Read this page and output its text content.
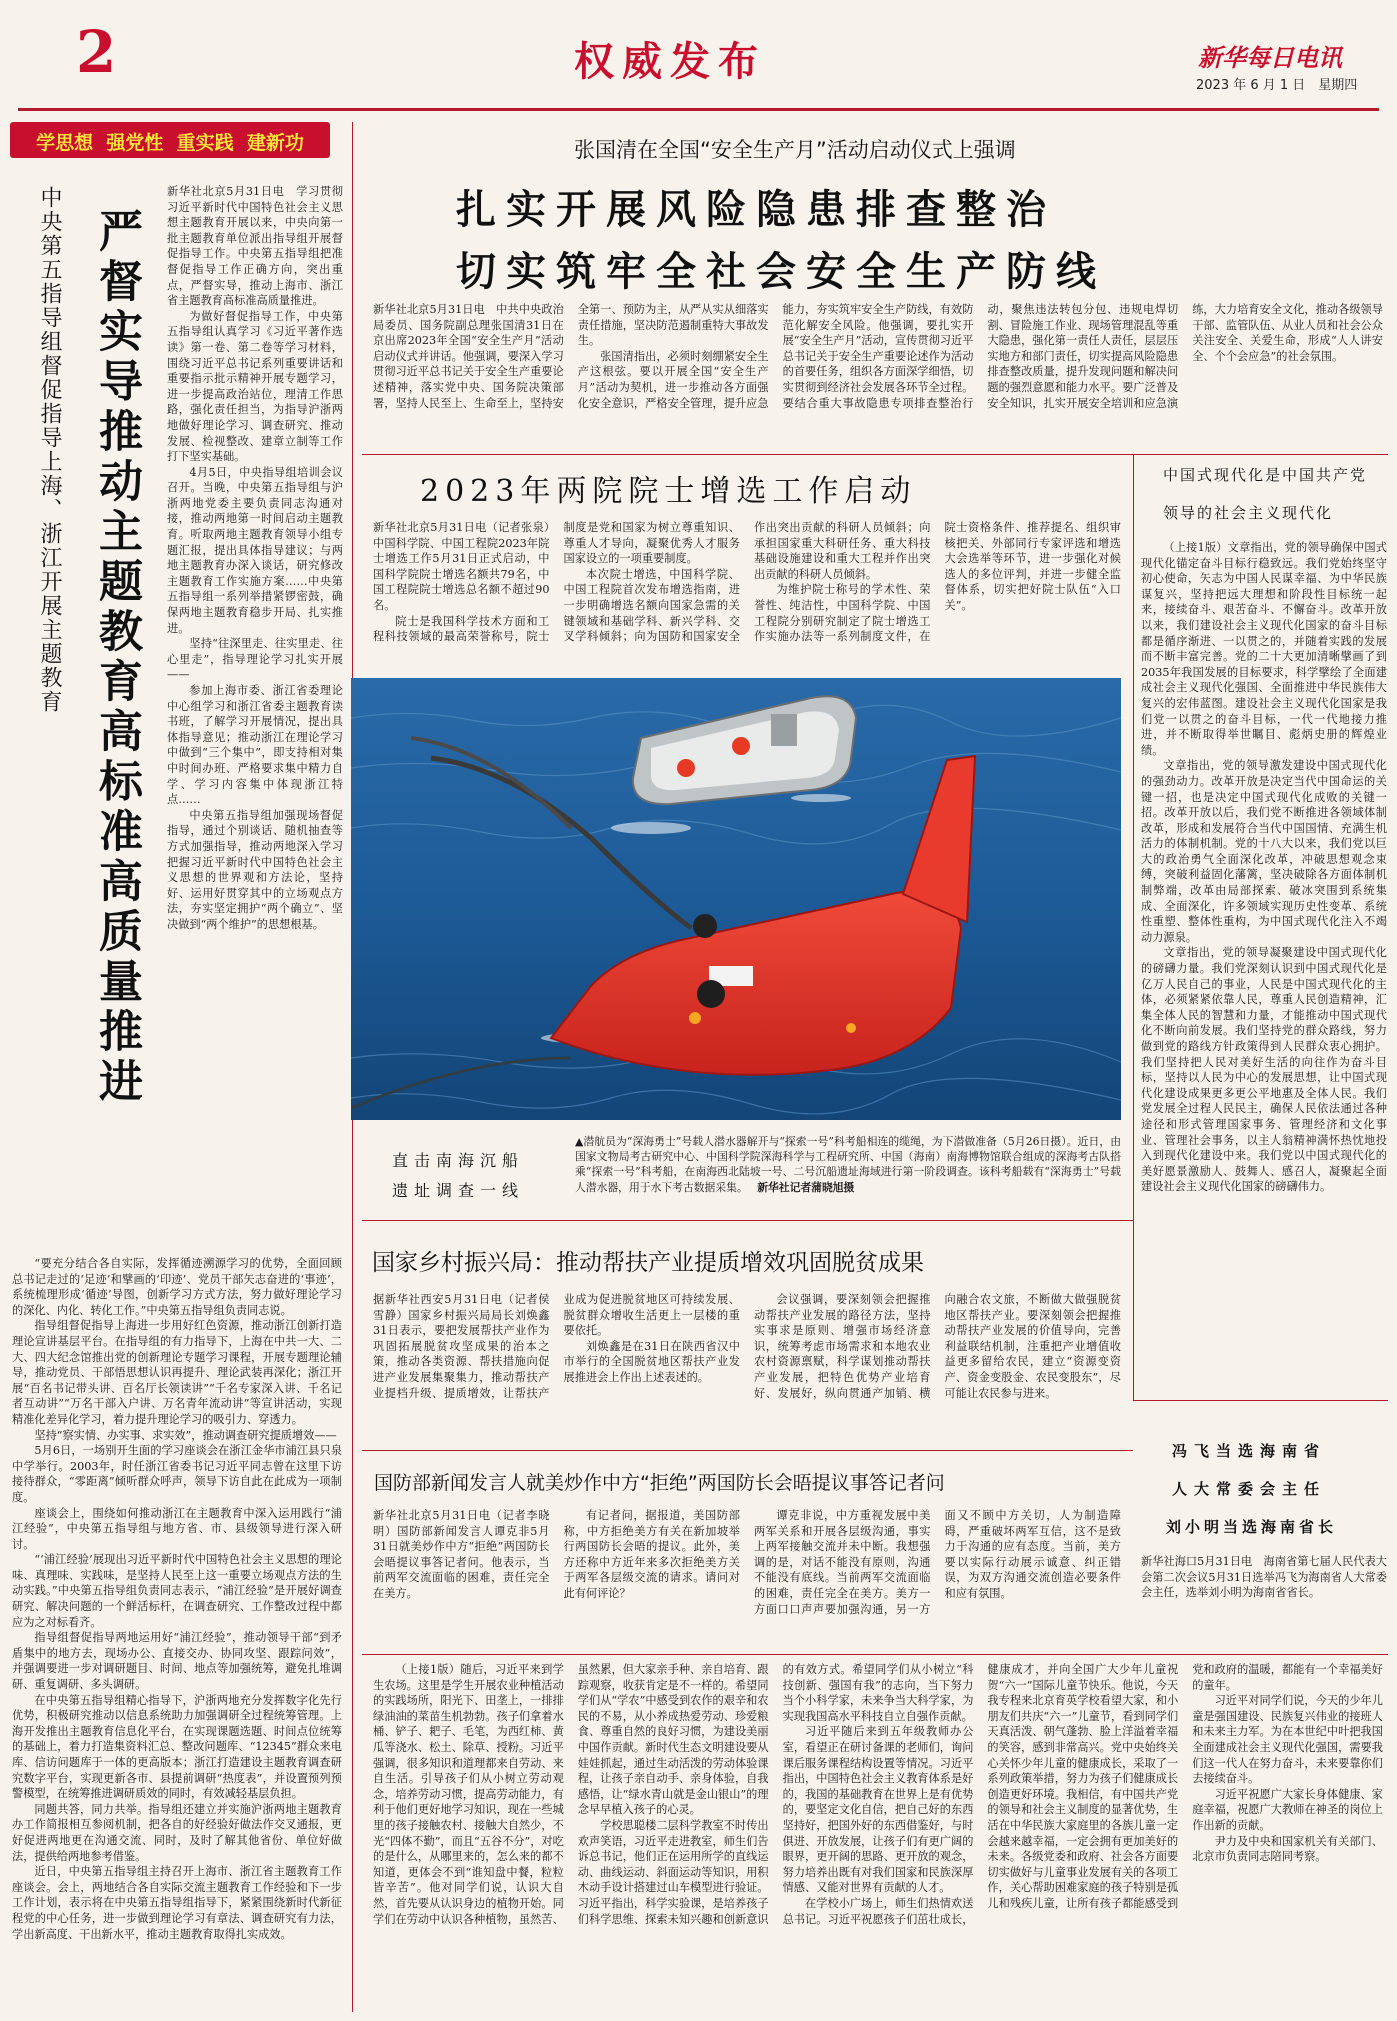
2	权威发布	新华每日电讯
2023 年 6 月 1 日　星期四
学思想  强党性  重实践  建新功
中央第五指导组督促指导上海、浙江开展主题教育 严督实导推动主题教育高标准高质量推进

新华社北京5月31日电　学习贯彻习近平新时代中国特色社会主义思想主题教育开展以来，中央向第一批主题教育单位派出指导组开展督促指导工作。中央第五指导组把准督促指导工作正确方向，突出重点，严督实导，推动上海市、浙江省主题教育高标准高质量推进。

为做好督促指导工作，中央第五指导组认真学习《习近平著作选读》第一卷、第二卷等学习材料，围绕习近平总书记系列重要讲话和重要指示批示精神开展专题学习，进一步提高政治站位，理清工作思路，强化责任担当，为指导沪浙两地做好理论学习、调查研究、推动发展、检视整改、建章立制等工作打下坚实基础。

4月5日，中央指导组培训会议召开。当晚，中央第五指导组与沪浙两地党委主要负责同志沟通对接，推动两地第一时间启动主题教育。听取两地主题教育领导小组专题汇报，提出具体指导建议；与两地主题教育办深入谈话，研究修改主题教育工作实施方案……中央第五指导组一系列举措紧锣密鼓，确保两地主题教育稳步开局、扎实推进。

坚持“往深里走、往实里走、往心里走”，指导理论学习扎实开展——

参加上海市委、浙江省委理论中心组学习和浙江省委主题教育读书班，了解学习开展情况，提出具体指导意见；推动浙江在理论学习中做到“三个集中”，即支持相对集中时间办班、严格要求集中精力自学、学习内容集中体现浙江特点……

中央第五指导组加强现场督促指导，通过个别谈话、随机抽查等方式加强指导，推动两地深入学习把握习近平新时代中国特色社会主义思想的世界观和方法论，坚持好、运用好贯穿其中的立场观点方法，夯实坚定拥护“两个确立”、坚决做到“两个维护”的思想根基。

“要充分结合各自实际，发挥循迹溯源学习的优势，全面回顾总书记走过的‘足迹’和擘画的‘印迹’、党员干部矢志奋进的‘事迹’，系统梳理形成‘循迹’导图，创新学习方式方法，努力做好理论学习的深化、内化、转化工作。”中央第五指导组负责同志说。

指导组督促指导上海进一步用好红色资源，推动浙江创新打造理论宣讲基层平台。在指导组的有力指导下，上海在中共一大、二大、四大纪念馆推出党的创新理论专题学习课程，开展专题理论辅导，推动党员、干部悟思想认识再提升、理论武装再深化；浙江开展“百名书记带头讲、百名厅长领读讲”“千名专家深入讲、千名记者互动讲”“万名干部入户讲、万名青年流动讲”等宣讲活动，实现精准化差异化学习，着力提升理论学习的吸引力、穿透力。

坚持“察实情、办实事、求实效”，推动调查研究提质增效——

5月6日，一场别开生面的学习座谈会在浙江金华市浦江县只泉中学举行。2003年，时任浙江省委书记习近平同志曾在这里下访接待群众，“零距离”倾听群众呼声，领导下访自此在此成为一项制度。

座谈会上，围绕如何推动浙江在主题教育中深入运用践行“浦江经验”，中央第五指导组与地方省、市、县级领导进行深入研讨。

“‘浦江经验’展现出习近平新时代中国特色社会主义思想的理论味、真理味、实践味，是坚持人民至上这一重要立场观点方法的生动实践。”中央第五指导组负责同志表示，“浦江经验”是开展好调查研究、解决问题的一个鲜活标杆，在调查研究、工作整改过程中都应为之对标看齐。

指导组督促指导两地运用好“浦江经验”，推动领导干部“到矛盾集中的地方去，现场办公、直接交办、协同攻坚、跟踪问效”，并强调要进一步对调研题目、时间、地点等加强统筹，避免扎堆调研、重复调研、多头调研。

在中央第五指导组精心指导下，沪浙两地充分发挥数字化先行优势，积极研究推动以信息系统助力加强调研全过程统筹管理。上海开发推出主题教育信息化平台，在实现课题选题、时间点位统筹的基础上，着力打造集资料汇总、整改问题库、“12345”群众来电库、信访问题库于一体的更高版本；浙江打造建设主题教育调查研究数字平台，实现更新各市、县提前调研“热度表”，并设置预列预警模型，在统筹推进调研质效的同时，有效减轻基层负担。

同题共答，同力共举。指导组还建立并实施沪浙两地主题教育办工作简报相互参阅机制，把各自的好经验好做法作交叉通报，更好促进两地更在沟通交流、同时，及时了解其他省份、单位好做法，提供给两地参考借鉴。

近日，中央第五指导组主持召开上海市、浙江省主题教育工作座谈会。会上，两地结合各自实际交流主题教育工作经验和下一步工作计划，表示将在中央第五指导组指导下，紧紧围绕新时代新征程党的中心任务，进一步做到理论学习有章法、调查研究有力法，学出新高度、干出新水平，推动主题教育取得扎实成效。

张国清在全国“安全生产月”活动启动仪式上强调
扎实开展风险隐患排查整治
切实筑牢全社会安全生产防线

新华社北京5月31日电　中共中央政治局委员、国务院副总理张国清31日在京出席2023年全国“安全生产月”活动启动仪式并讲话。他强调，要深入学习贯彻习近平总书记关于安全生产重要论述精神，落实党中央、国务院决策部署，坚持人民至上、生命至上，坚持安全第一、预防为主，从严从实从细落实责任措施，坚决防范遏制重特大事故发生。

张国清指出，必须时刻绷紧安全生产这根弦。要以开展全国“安全生产月”活动为契机，进一步推动各方面强化安全意识，严格安全管理，提升应急能力，夯实筑牢安全生产防线，有效防范化解安全风险。他强调，要扎实开展“安全生产月”活动，宣传贯彻习近平总书记关于安全生产重要论述作为活动的首要任务，组织各方面深学细悟，切实贯彻到经济社会发展各环节全过程。要结合重大事故隐患专项排查整治行动，聚焦违法转包分包、违规电焊切割、冒险施工作业、现场管理混乱等重大隐患，强化第一责任人责任，层层压实地方和部门责任，切实提高风险隐患排查整改质量，提升发现问题和解决问题的强烈意愿和能力水平。要广泛普及安全知识，扎实开展安全培训和应急演练，大力培育安全文化，推动各级领导干部、监管队伍、从业人员和社会公众关注安全、关爱生命，形成“人人讲安全、个个会应急”的社会氛围。

2023年两院院士增选工作启动

新华社北京5月31日电（记者张泉）中国科学院、中国工程院2023年院士增选工作5月31日正式启动，中国科学院院士增选名额共79名，中国工程院院士增选总名额不超过90名。

院士是我国科学技术方面和工程科技领域的最高荣誉称号，院士制度是党和国家为树立尊重知识、尊重人才导向，凝聚优秀人才服务国家设立的一项重要制度。

本次院士增选，中国科学院、中国工程院首次发布增选指南，进一步明确增选名额向国家急需的关键领域和基础学科、新兴学科、交叉学科倾斜；向为国防和国家安全作出突出贡献的科研人员倾斜；向承担国家重大科研任务、重大科技基础设施建设和重大工程并作出突出贡献的科研人员倾斜。

为维护院士称号的学术性、荣誉性、纯洁性，中国科学院、中国工程院分别研究制定了院士增选工作实施办法等一系列制度文件，在院士资格条件、推荐提名、组织审核把关、外部同行专家评选和增选大会选举等环节，进一步强化对候选人的多位评判，并进一步健全监督体系，切实把好院士队伍“入口关”。

直击南海沉船遗址调查一线
▲潜航员为“深海勇士”号载人潜水器解开与“探索一号”科考船相连的缆绳，为下潜做准备（5月26日摄）。近日，由国家文物局考古研究中心、中国科学院深海科学与工程研究所、中国（海南）南海博物馆联合组成的深海考古队搭乘“探索一号”科考船，在南海西北陆坡一号、二号沉船遗址海域进行第一阶段调查。该科考船载有“深海勇士”号载人潜水器，用于水下考古数据采集。 新华社记者蒲晓旭摄
中国式现代化是中国共产党
领导的社会主义现代化

（上接1版）文章指出，党的领导确保中国式现代化锚定奋斗目标行稳致远。我们党始终坚守初心使命，矢志为中国人民谋幸福、为中华民族谋复兴，坚持把远大理想和阶段性目标统一起来，接续奋斗、艰苦奋斗、不懈奋斗。改革开放以来，我们建设社会主义现代化国家的奋斗目标都是循序渐进、一以贯之的，并随着实践的发展而不断丰富完善。党的二十大更加清晰擘画了到2035年我国发展的目标要求，科学擘绘了全面建成社会主义现代化强国、全面推进中华民族伟大复兴的宏伟蓝图。建设社会主义现代化国家是我们党一以贯之的奋斗目标，一代一代地接力推进，并不断取得举世瞩目、彪炳史册的辉煌业绩。

文章指出，党的领导激发建设中国式现代化的强劲动力。改革开放是决定当代中国命运的关键一招，也是决定中国式现代化成败的关键一招。改革开放以后，我们党不断推进各领域体制改革，形成和发展符合当代中国国情、充满生机活力的体制机制。党的十八大以来，我们党以巨大的政治勇气全面深化改革，冲破思想观念束缚，突破利益固化藩篱，坚决破除各方面体制机制弊端，改革由局部探索、破冰突围到系统集成、全面深化，许多领域实现历史性变革、系统性重塑、整体性重构，为中国式现代化注入不竭动力源泉。

文章指出，党的领导凝聚建设中国式现代化的磅礴力量。我们党深刻认识到中国式现代化是亿万人民自己的事业，人民是中国式现代化的主体，必须紧紧依靠人民，尊重人民创造精神，汇集全体人民的智慧和力量，才能推动中国式现代化不断向前发展。我们坚持党的群众路线，努力做到党的路线方针政策得到人民群众衷心拥护。我们坚持把人民对美好生活的向往作为奋斗目标，坚持以人民为中心的发展思想，让中国式现代化建设成果更多更公平地惠及全体人民。我们党发展全过程人民民主，确保人民依法通过各种途径和形式管理国家事务、管理经济和文化事业、管理社会事务，以主人翁精神满怀热忱地投入到现代化建设中来。我们党以中国式现代化的美好愿景激励人、鼓舞人、感召人，凝聚起全面建设社会主义现代化国家的磅礴伟力。

国家乡村振兴局：推动帮扶产业提质增效巩固脱贫成果

据新华社西安5月31日电（记者侯雪静）国家乡村振兴局局长刘焕鑫31日表示，要把发展帮扶产业作为巩固拓展脱贫攻坚成果的治本之策，推动各类资源、帮扶措施向促进产业发展集聚集力，推动帮扶产业提档升级、提质增效，让帮扶产业成为促进脱贫地区可持续发展、脱贫群众增收生活更上一层楼的重要依托。

刘焕鑫是在31日在陕西省汉中市举行的全国脱贫地区帮扶产业发展推进会上作出上述表述的。

会议强调，要深刻领会把握推动帮扶产业发展的路径方法，坚持实事求是原则、增强市场经济意识，统筹考虑市场需求和本地农业农村资源禀赋，科学谋划推动帮扶产业发展，把特色优势产业培育好、发展好，纵向贯通产加销、横向融合农文旅，不断做大做强脱贫地区帮扶产业。要深刻领会把握推动帮扶产业发展的价值导向，完善利益联结机制，注重把产业增值收益更多留给农民，建立“资源变资产、资金变股金、农民变股东”，尽可能让农民参与进来。

国防部新闻发言人就美炒作中方“拒绝”两国防长会晤提议事答记者问

新华社北京5月31日电（记者李晓明）国防部新闻发言人谭克非5月31日就美炒作中方“拒绝”两国防长会晤提议事答记者问。他表示，当前两军交流面临的困难，责任完全在美方。

有记者问，据报道，美国防部称，中方拒绝美方有关在新加坡举行两国防长会晤的提议。此外，美方还称中方近年来多次拒绝美方关于两军各层级交流的请求。请问对此有何评论？

谭克非说，中方重视发展中美两军关系和开展各层级沟通，事实上两军接触交流并未中断。我想强调的是，对话不能没有原则，沟通不能没有底线。当前两军交流面临的困难，责任完全在美方。美方一方面口口声声要加强沟通，另一方面又不顾中方关切，人为制造障碍，严重破坏两军互信，这不是致力于沟通的应有态度。当前，美方要以实际行动展示诚意、纠正错误，为双方沟通交流创造必要条件和应有氛围。

冯飞当选海南省
人大常委会主任
刘小明当选海南省长

新华社海口5月31日电　海南省第七届人民代表大会第二次会议5月31日选举冯飞为海南省人大常委会主任，选举刘小明为海南省省长。

（上接1版）随后，习近平来到学生农场。这里是学生开展农业种植活动的实践场所，阳光下、田垄上，一排排绿油油的菜苗生机勃勃。孩子们拿着水桶、铲子、耙子、毛笔，为西红柿、黄瓜等浇水、松土、除草、授粉。习近平强调，很多知识和道理都来自劳动、来自生活。引导孩子们从小树立劳动观念，培养劳动习惯，提高劳动能力，有利于他们更好地学习知识，现在一些城里的孩子接触农村、接触大自然少，不光“四体不勤”，而且“五谷不分”，对吃的是什么，从哪里来的，怎么来的都不知道，更体会不到“谁知盘中餐，粒粒皆辛苦”。他对同学们说，认识大自然，首先要从认识身边的植物开始。同学们在劳动中认识各种植物，虽然苦、虽然累，但大家亲手种、亲自培育、跟踪观察，收获肯定是不一样的。希望同学们从“学农”中感受到农作的艰辛和农民的不易，从小养成热爱劳动、珍爱粮食、尊重自然的良好习惯，为建设美丽中国作贡献。新时代生态文明建设要从娃娃抓起，通过生动活泼的劳动体验课程，让孩子亲自动手、亲身体验，自我感悟，让“绿水青山就是金山银山”的理念早早植入孩子的心灵。

学校思聪楼二层科学教室不时传出欢声笑语，习近平走进教室，师生们告诉总书记，他们正在运用所学的直线运动、曲线运动、斜面运动等知识，用积木动手设计搭建过山车模型进行验证。习近平指出，科学实验课，是培养孩子们科学思维、探索未知兴趣和创新意识的有效方式。希望同学们从小树立“科技创新、强国有我”的志向，当下努力当个小科学家，未来争当大科学家，为实现我国高水平科技自立自强作贡献。

习近平随后来到五年级教师办公室，看望正在研讨备课的老师们，询问课后服务课程结构设置等情况。习近平指出，中国特色社会主义教育体系是好的，我国的基础教育在世界上是有优势的，要坚定文化自信，把自己好的东西坚持好，把国外好的东西借鉴好，与时俱进、开放发展，让孩子们有更广阔的眼界，更开阔的思路、更开放的观念，努力培养出既有对我们国家和民族深厚情感、又能对世界有贡献的人才。

在学校小广场上，师生们热情欢送总书记。习近平祝愿孩子们茁壮成长，健康成才，并向全国广大少年儿童祝贺“六一”国际儿童节快乐。他说，今天我专程来北京育英学校看望大家，和小朋友们共庆“六一”儿童节，看到同学们天真活泼、朝气蓬勃、脸上洋溢着幸福的笑容，感到非常高兴。党中央始终关心关怀少年儿童的健康成长，采取了一系列政策举措，努力为孩子们健康成长创造更好环境。我相信，有中国共产党的领导和社会主义制度的显著优势，生活在中华民族大家庭里的各族儿童一定会越来越幸福，一定会拥有更加美好的未来。各级党委和政府、社会各方面要切实做好与儿童事业发展有关的各项工作，关心帮助困难家庭的孩子特别是孤儿和残疾儿童，让所有孩子都能感受到党和政府的温暖，都能有一个幸福美好的童年。

习近平对同学们说，今天的少年儿童是强国建设、民族复兴伟业的接班人和未来主力军。为在本世纪中叶把我国全面建成社会主义现代化强国，需要我们这一代人在努力奋斗，未来要靠你们去接续奋斗。

习近平祝愿广大家长身体健康、家庭幸福，祝愿广大教师在神圣的岗位上作出新的贡献。

尹力及中央和国家机关有关部门、北京市负责同志陪同考察。
